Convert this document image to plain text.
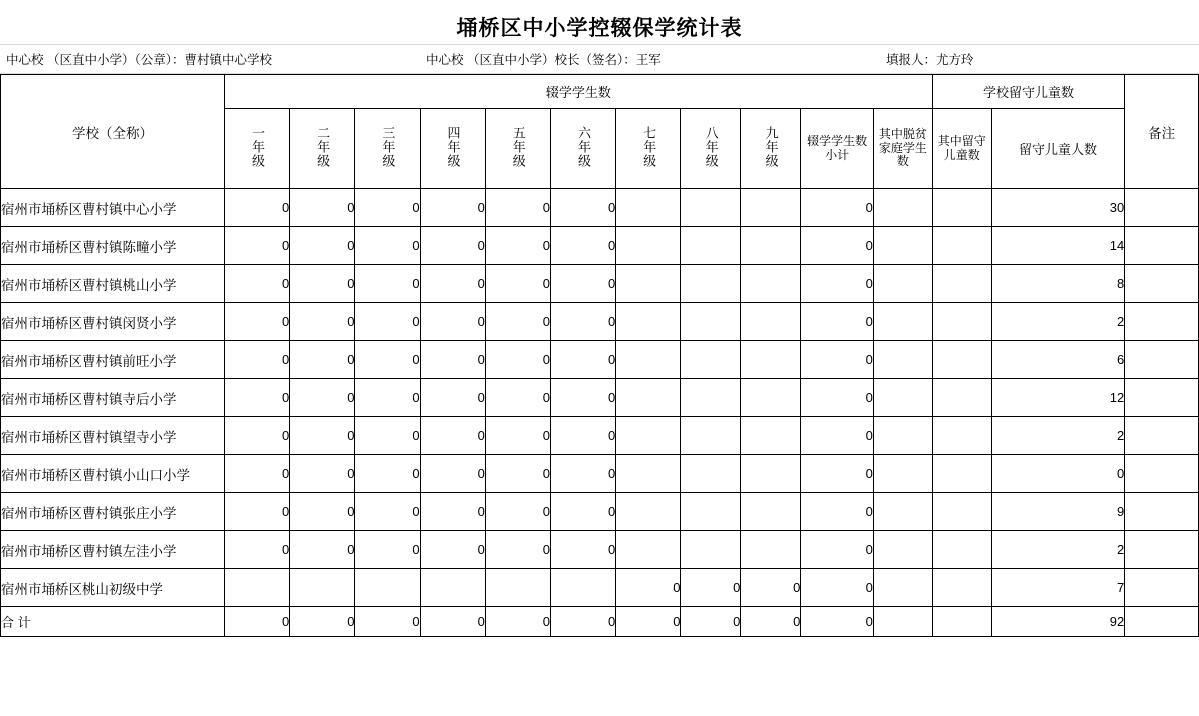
埇桥区中小学控辍保学统计表
中心校 （区直中小学）（公章）：曹村镇中心学校	中心校 （区直中小学）校长（签名）：王军	填报人：尤方玲
学校（全称）	辍学学生数											学校留守儿童数		备注
	一年级	二年级	三年级	四年级	五年级	六年级	七年级	八年级	九年级	辍学学生数小计	其中脱贫家庭学生数	其中留守儿童数	留守儿童人数	
宿州市埇桥区曹村镇中心小学	0	0	0	0	0	0				0			30	
宿州市埇桥区曹村镇陈疃小学	0	0	0	0	0	0				0			14	
宿州市埇桥区曹村镇桃山小学	0	0	0	0	0	0				0			8	
宿州市埇桥区曹村镇闵贤小学	0	0	0	0	0	0				0			2	
宿州市埇桥区曹村镇前旺小学	0	0	0	0	0	0				0			6	
宿州市埇桥区曹村镇寺后小学	0	0	0	0	0	0				0			12	
宿州市埇桥区曹村镇望寺小学	0	0	0	0	0	0				0			2	
宿州市埇桥区曹村镇小山口小学	0	0	0	0	0	0				0			0	
宿州市埇桥区曹村镇张庄小学	0	0	0	0	0	0				0			9	
宿州市埇桥区曹村镇左洼小学	0	0	0	0	0	0				0			2	
宿州市埇桥区桃山初级中学							0	0	0	0			7	
合 计	0	0	0	0	0	0	0	0	0	0			92	
